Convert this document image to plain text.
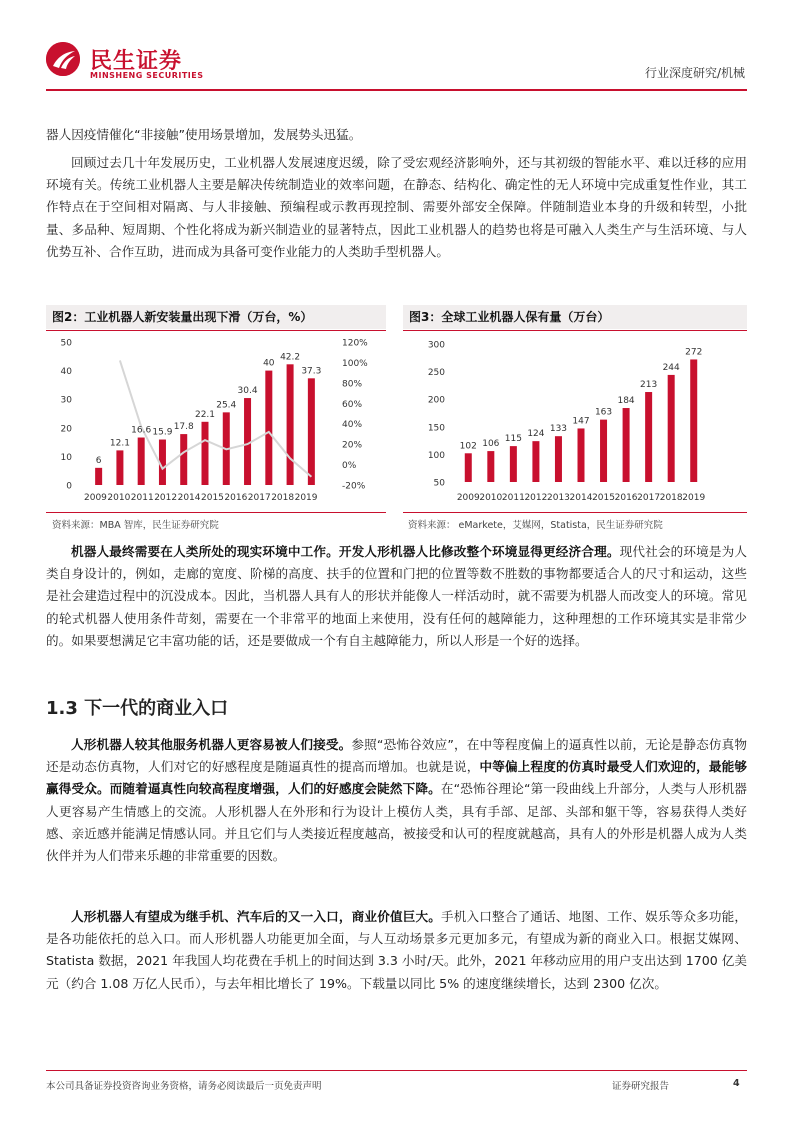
民生证券
MINSHENG SECURITIES	行业深度研究/机械

器人因疫情催化“非接触”使用场景增加，发展势头迅猛。

回顾过去几十年发展历史，工业机器人发展速度迟缓，除了受宏观经济影响外，还与其初级的智能水平、难以迁移的应用环境有关。传统工业机器人主要是解决传统制造业的效率问题，在静态、结构化、确定性的无人环境中完成重复性作业，其工作特点在于空间相对隔离、与人非接触、预编程或示教再现控制、需要外部安全保障。伴随制造业本身的升级和转型，小批量、多品种、短周期、个性化将成为新兴制造业的显著特点，因此工业机器人的趋势也将是可融入人类生产与生活环境、与人优势互补、合作互助，进而成为具备可变作业能力的人类助手型机器人。

图2：工业机器人新安装量出现下滑（万台，%）
6
12.1
16.6 15.9
17.8
22.1
25.4
30.4
40
42.2
37.3
0
10
20
30
40
50
-20%
0%
20%
40%
60%
80%
100%
120%
2009 2010 2011 2012 2014 2015 2016 2017 2018 2019
资料来源：MBA 智库，民生证券研究院
图3：全球工业机器人保有量（万台）
102 106 115 124 133
147
163
184
213
244
272
50
100
150
200
250
300
2009 2010 2011 2012 2013 2014 2015 2016 2017 2018 2019
资料来源： eMarkete，艾媒网，Statista，民生证券研究院

机器人最终需要在人类所处的现实环境中工作。开发人形机器人比修改整个环境显得更经济合理。现代社会的环境是为人类自身设计的，例如，走廊的宽度、阶梯的高度、扶手的位置和门把的位置等数不胜数的事物都要适合人的尺寸和运动，这些是社会建造过程中的沉没成本。因此，当机器人具有人的形状并能像人一样活动时，就不需要为机器人而改变人的环境。常见的轮式机器人使用条件苛刻，需要在一个非常平的地面上来使用，没有任何的越障能力，这种理想的工作环境其实是非常少的。如果要想满足它丰富功能的话，还是要做成一个有自主越障能力，所以人形是一个好的选择。

1.3 下一代的商业入口

人形机器人较其他服务机器人更容易被人们接受。参照“恐怖谷效应”，在中等程度偏上的逼真性以前，无论是静态仿真物还是动态仿真物，人们对它的好感程度是随逼真性的提高而增加。也就是说，中等偏上程度的仿真时最受人们欢迎的，最能够赢得受众。而随着逼真性向较高程度增强，人们的好感度会陡然下降。在“恐怖谷理论“第一段曲线上升部分，人类与人形机器人更容易产生情感上的交流。人形机器人在外形和行为设计上模仿人类，具有手部、足部、头部和躯干等，容易获得人类好感、亲近感并能满足情感认同。并且它们与人类接近程度越高，被接受和认可的程度就越高，具有人的外形是机器人成为人类伙伴并为人们带来乐趣的非常重要的因数。

人形机器人有望成为继手机、汽车后的又一入口，商业价值巨大。手机入口整合了通话、地图、工作、娱乐等众多功能，是各功能依托的总入口。而人形机器人功能更加全面，与人互动场景多元更加多元，有望成为新的商业入口。根据艾媒网、Statista 数据，2021 年我国人均花费在手机上的时间达到 3.3 小时/天。此外，2021 年移动应用的用户支出达到 1700 亿美元（约合 1.08 万亿人民币），与去年相比增长了 19%。下载量以同比 5% 的速度继续增长，达到 2300 亿次。

本公司具备证券投资咨询业务资格，请务必阅读最后一页免责声明	证券研究报告	4
